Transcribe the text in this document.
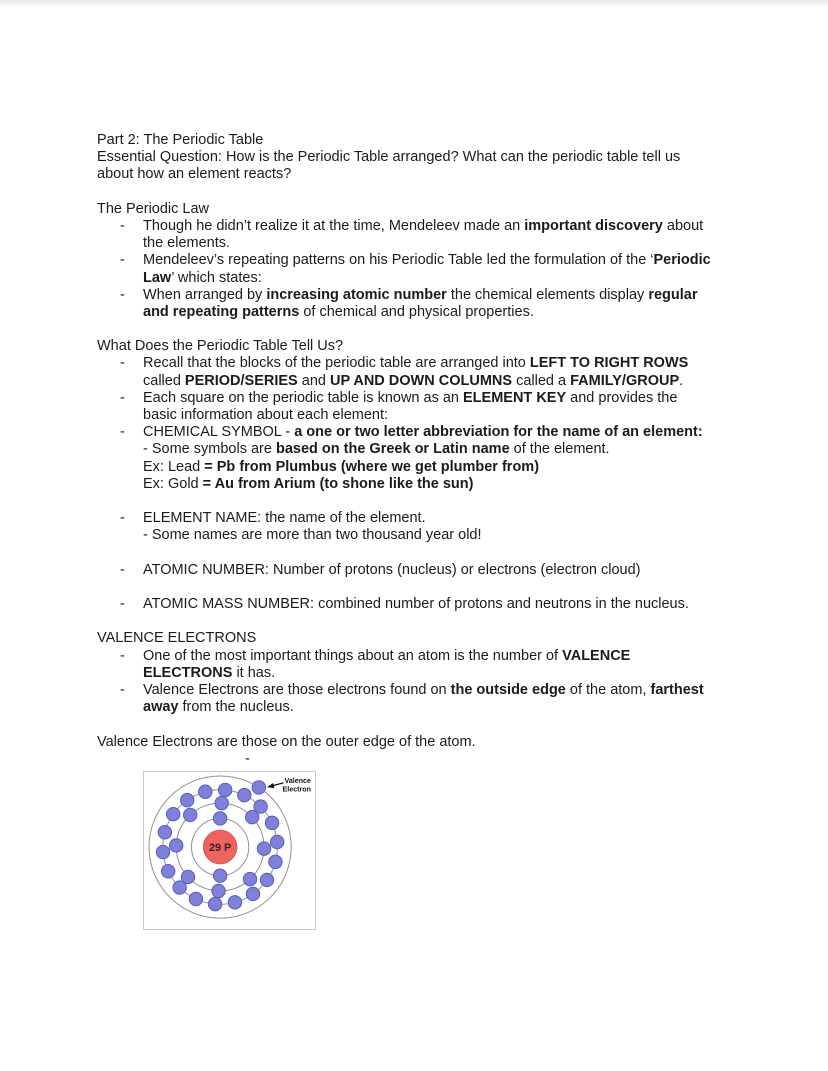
Part 2: The Periodic Table
Essential Question: How is the Periodic Table arranged? What can the periodic table tell us
about how an element reacts?
The Periodic Law
- Though he didn’t realize it at the time, Mendeleev made an important discovery about
the elements.
- Mendeleev’s repeating patterns on his Periodic Table led the formulation of the ‘Periodic
Law’ which states:
- When arranged by increasing atomic number the chemical elements display regular
and repeating patterns of chemical and physical properties.
What Does the Periodic Table Tell Us?
- Recall that the blocks of the periodic table are arranged into LEFT TO RIGHT ROWS
called PERIOD/SERIES and UP AND DOWN COLUMNS called a FAMILY/GROUP.
- Each square on the periodic table is known as an ELEMENT KEY and provides the
basic information about each element:
- CHEMICAL SYMBOL - a one or two letter abbreviation for the name of an element:
- Some symbols are based on the Greek or Latin name of the element.
Ex: Lead = Pb from Plumbus (where we get plumber from)
Ex: Gold = Au from Arium (to shone like the sun)
- ELEMENT NAME: the name of the element.
- Some names are more than two thousand year old!
- ATOMIC NUMBER: Number of protons (nucleus) or electrons (electron cloud)
- ATOMIC MASS NUMBER: combined number of protons and neutrons in the nucleus.
VALENCE ELECTRONS
- One of the most important things about an atom is the number of VALENCE
ELECTRONS it has.
- Valence Electrons are those electrons found on the outside edge of the atom, farthest
away from the nucleus.
Valence Electrons are those on the outer edge of the atom.
-
29 P
Valence
Electron
